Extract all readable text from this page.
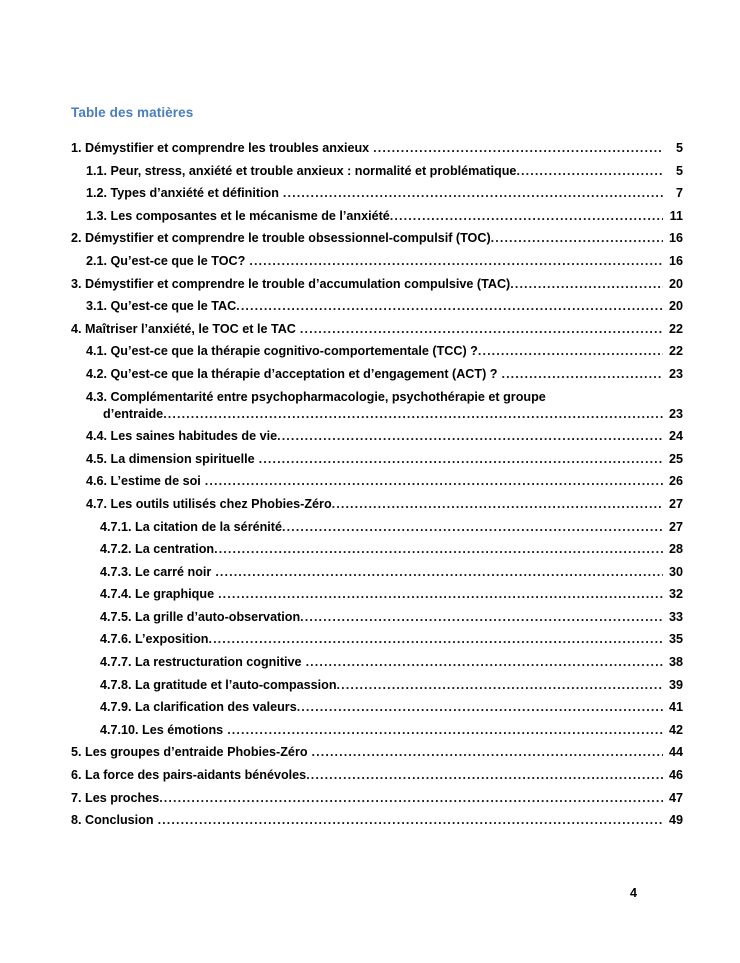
Table des matières
1. Démystifier et comprendre les troubles anxieux .....	5
1.1. Peur, stress, anxiété et trouble anxieux : normalité et problématique .....	5
1.2. Types d’anxiété et définition .....	7
1.3. Les composantes et le mécanisme de l’anxiété .....	11
2. Démystifier et comprendre le trouble obsessionnel-compulsif (TOC) .....	16
2.1. Qu’est-ce que le TOC? .....	16
3. Démystifier et comprendre le trouble d’accumulation compulsive (TAC) .....	20
3.1. Qu’est-ce que le TAC .....	20
4. Maîtriser l’anxiété, le TOC et le TAC .....	22
4.1. Qu’est-ce que la thérapie cognitivo-comportementale (TCC) ? .....	22
4.2. Qu’est-ce que la thérapie d’acceptation et d’engagement (ACT) ? .....	23
4.3. Complémentarité entre psychopharmacologie, psychothérapie et groupe
d’entraide .....	23
4.4. Les saines habitudes de vie .....	24
4.5. La dimension spirituelle .....	25
4.6. L’estime de soi .....	26
4.7. Les outils utilisés chez Phobies-Zéro .....	27
4.7.1. La citation de la sérénité .....	27
4.7.2. La centration .....	28
4.7.3. Le carré noir .....	30
4.7.4. Le graphique .....	32
4.7.5. La grille d’auto-observation .....	33
4.7.6. L’exposition .....	35
4.7.7. La restructuration cognitive .....	38
4.7.8. La gratitude et l’auto-compassion .....	39
4.7.9. La clarification des valeurs .....	41
4.7.10. Les émotions .....	42
5. Les groupes d’entraide Phobies-Zéro .....	44
6. La force des pairs-aidants bénévoles .....	46
7. Les proches .....	47
8. Conclusion .....	49
4
